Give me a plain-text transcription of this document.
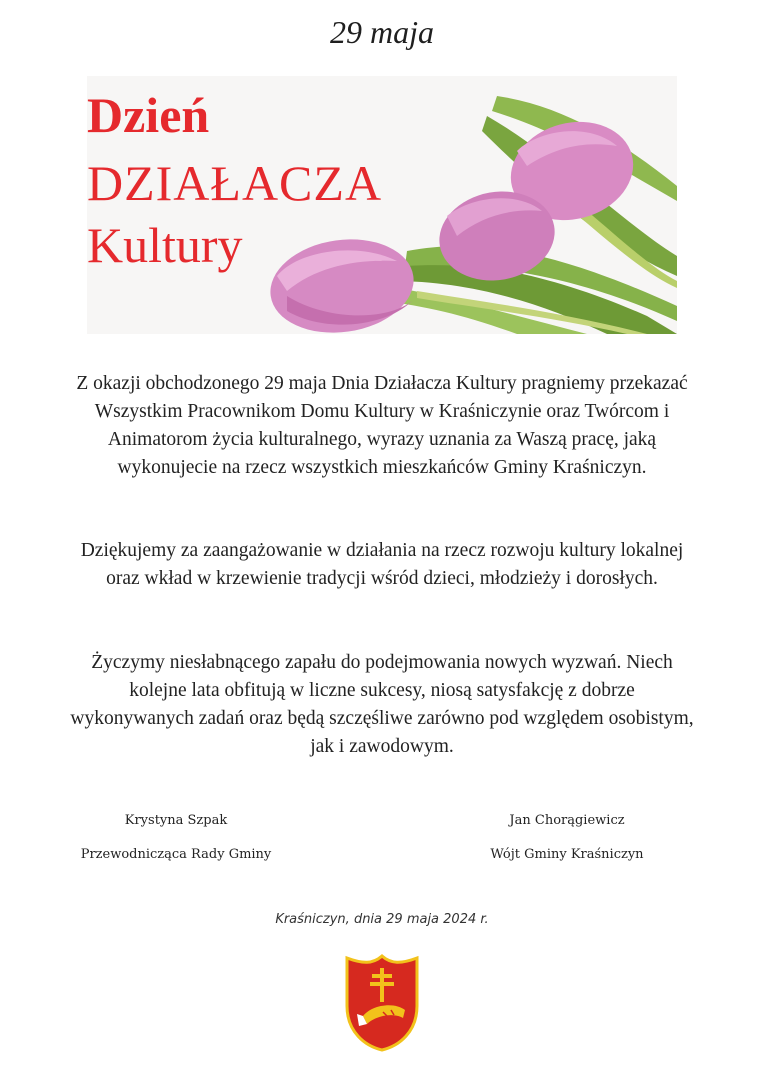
29 maja
Dzień
DZIAŁACZA
Kultury
Z okazji obchodzonego 29 maja Dnia Działacza Kultury pragniemy przekazać Wszystkim Pracownikom Domu Kultury w Kraśniczynie oraz Twórcom i Animatorom życia kulturalnego, wyrazy uznania za Waszą pracę, jaką wykonujecie na rzecz wszystkich mieszkańców Gminy Kraśniczyn.
Dziękujemy za zaangażowanie w działania na rzecz rozwoju kultury lokalnej oraz wkład w krzewienie tradycji wśród dzieci, młodzieży i dorosłych.
Życzymy niesłabnącego zapału do podejmowania nowych wyzwań. Niech kolejne lata obfitują w liczne sukcesy, niosą satysfakcję z dobrze wykonywanych zadań oraz będą szczęśliwe zarówno pod względem osobistym, jak i zawodowym.
Krystyna Szpak
Przewodnicząca Rady Gminy
Jan Chorągiewicz
Wójt Gminy Kraśniczyn
Kraśniczyn, dnia 29 maja 2024 r.
